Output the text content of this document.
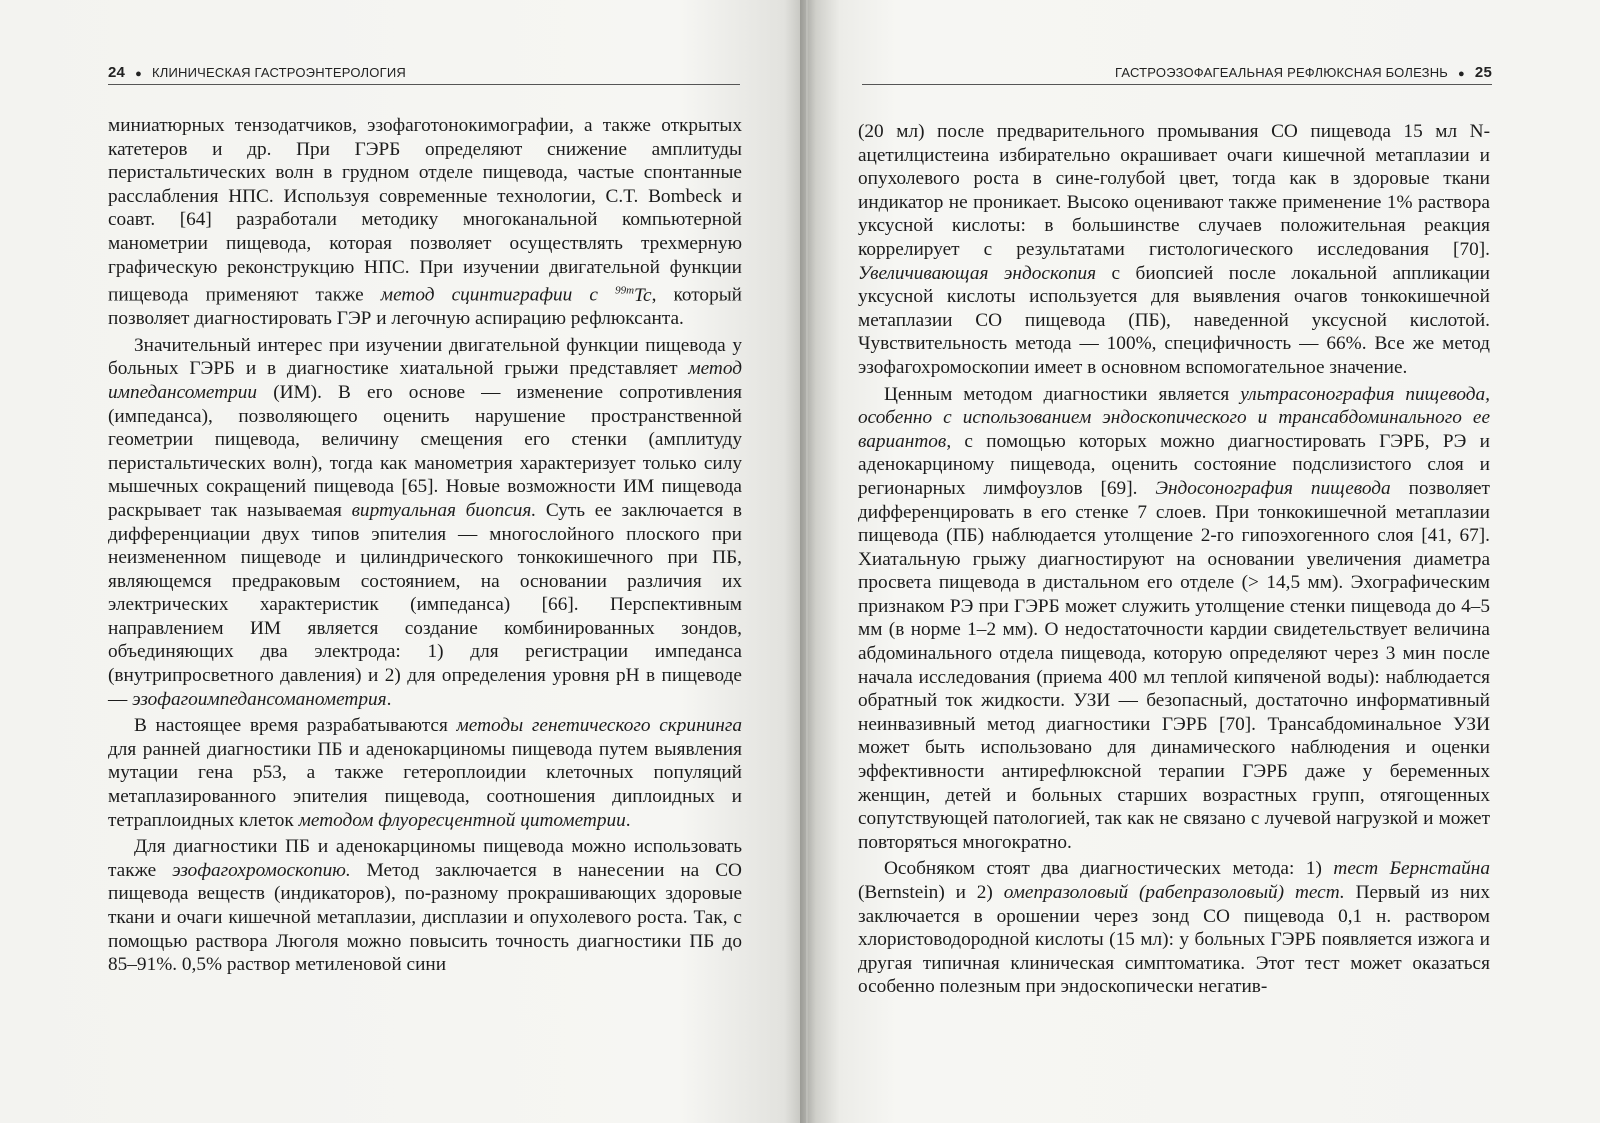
24 ● КЛИНИЧЕСКАЯ ГАСТРОЭНТЕРОЛОГИЯ

миниатюрных тензодатчиков, эзофаготонокимографии, а также открытых катетеров и др. При ГЭРБ определяют снижение амплитуды перистальтических волн в грудном отделе пищевода, частые спонтанные расслабления НПС. Используя современные технологии, C.T. Bombeck и соавт. [64] разработали методику многоканальной компьютерной манометрии пищевода, которая позволяет осуществлять трехмерную графическую реконструкцию НПС. При изучении двигательной функции пищевода применяют также метод сцинтиграфии с $^{99m}$Tc, который позволяет диагностировать ГЭР и легочную аспирацию рефлюксанта.

Значительный интерес при изучении двигательной функции пищевода у больных ГЭРБ и в диагностике хиатальной грыжи представляет метод импедансометрии (ИМ). В его основе — изменение сопротивления (импеданса), позволяющего оценить нарушение пространственной геометрии пищевода, величину смещения его стенки (амплитуду перистальтических волн), тогда как манометрия характеризует только силу мышечных сокращений пищевода [65]. Новые возможности ИМ пищевода раскрывает так называемая виртуальная биопсия. Суть ее заключается в дифференциации двух типов эпителия — многослойного плоского при неизмененном пищеводе и цилиндрического тонкокишечного при ПБ, являющемся предраковым состоянием, на основании различия их электрических характеристик (импеданса) [66]. Перспективным направлением ИМ является создание комбинированных зондов, объединяющих два электрода: 1) для регистрации импеданса (внутрипросветного давления) и 2) для определения уровня pH в пищеводе — эзофагоимпедансоманометрия.

В настоящее время разрабатываются методы генетического скрининга для ранней диагностики ПБ и аденокарциномы пищевода путем выявления мутации гена p53, а также гетероплоидии клеточных популяций метаплазированного эпителия пищевода, соотношения диплоидных и тетраплоидных клеток методом флуоресцентной цитометрии.

Для диагностики ПБ и аденокарциномы пищевода можно использовать также эзофагохромоскопию. Метод заключается в нанесении на СО пищевода веществ (индикаторов), по-разному прокрашивающих здоровые ткани и очаги кишечной метаплазии, дисплазии и опухолевого роста. Так, с помощью раствора Люголя можно повысить точность диагностики ПБ до 85–91%. 0,5% раствор метиленовой сини

ГАСТРОЭЗОФАГЕАЛЬНАЯ РЕФЛЮКСНАЯ БОЛЕЗНЬ ● 25

(20 мл) после предварительного промывания СО пищевода 15 мл N-ацетилцистеина избирательно окрашивает очаги кишечной метаплазии и опухолевого роста в сине-голубой цвет, тогда как в здоровые ткани индикатор не проникает. Высоко оценивают также применение 1% раствора уксусной кислоты: в большинстве случаев положительная реакция коррелирует с результатами гистологического исследования [70]. Увеличивающая эндоскопия с биопсией после локальной аппликации уксусной кислоты используется для выявления очагов тонкокишечной метаплазии СО пищевода (ПБ), наведенной уксусной кислотой. Чувствительность метода — 100%, специфичность — 66%. Все же метод эзофагохромоскопии имеет в основном вспомогательное значение.

Ценным методом диагностики является ультрасонография пищевода, особенно с использованием эндоскопического и трансабдоминального ее вариантов, с помощью которых можно диагностировать ГЭРБ, РЭ и аденокарциному пищевода, оценить состояние подслизистого слоя и регионарных лимфоузлов [69]. Эндосонография пищевода позволяет дифференцировать в его стенке 7 слоев. При тонкокишечной метаплазии пищевода (ПБ) наблюдается утолщение 2-го гипоэхогенного слоя [41, 67]. Хиатальную грыжу диагностируют на основании увеличения диаметра просвета пищевода в дистальном его отделе (> 14,5 мм). Эхографическим признаком РЭ при ГЭРБ может служить утолщение стенки пищевода до 4–5 мм (в норме 1–2 мм). О недостаточности кардии свидетельствует величина абдоминального отдела пищевода, которую определяют через 3 мин после начала исследования (приема 400 мл теплой кипяченой воды): наблюдается обратный ток жидкости. УЗИ — безопасный, достаточно информативный неинвазивный метод диагностики ГЭРБ [70]. Трансабдоминальное УЗИ может быть использовано для динамического наблюдения и оценки эффективности антирефлюксной терапии ГЭРБ даже у беременных женщин, детей и больных старших возрастных групп, отягощенных сопутствующей патологией, так как не связано с лучевой нагрузкой и может повторяться многократно.

Особняком стоят два диагностических метода: 1) тест Бернстайна (Bernstein) и 2) омепразоловый (рабепразоловый) тест. Первый из них заключается в орошении через зонд СО пищевода 0,1 н. раствором хлористоводородной кислоты (15 мл): у больных ГЭРБ появляется изжога и другая типичная клиническая симптоматика. Этот тест может оказаться особенно полезным при эндоскопически негатив-
